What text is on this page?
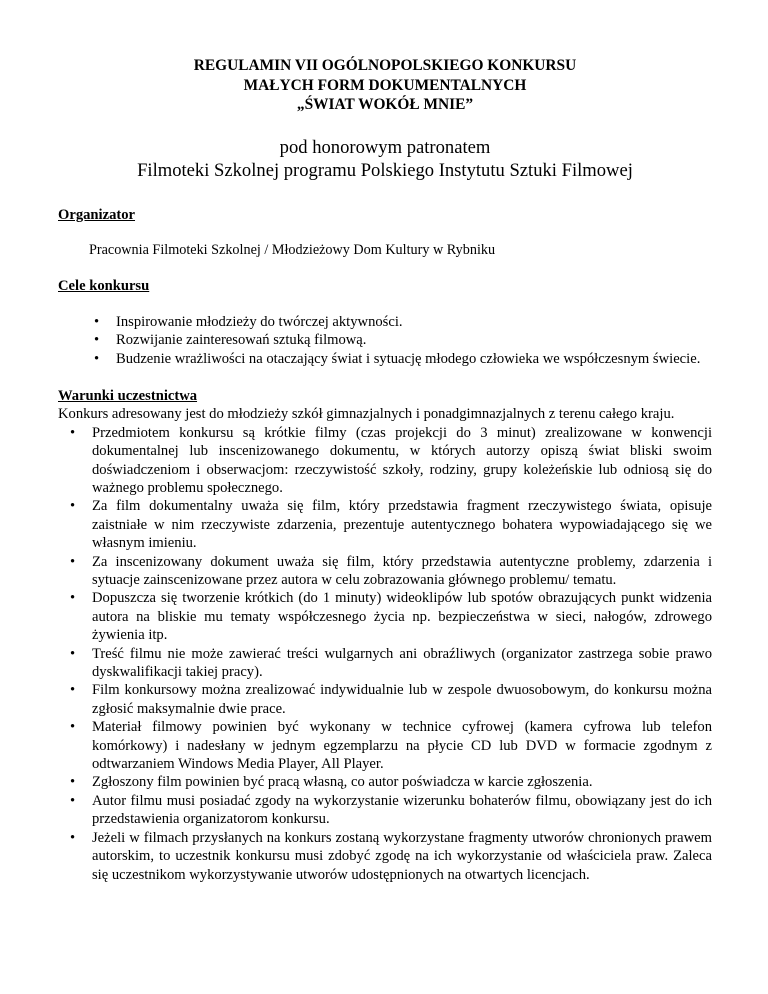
REGULAMIN VII OGÓLNOPOLSKIEGO KONKURSU
MAŁYCH FORM DOKUMENTALNYCH
„ŚWIAT WOKÓŁ MNIE”
pod honorowym patronatem
Filmoteki Szkolnej programu Polskiego Instytutu Sztuki Filmowej
Organizator
Pracownia Filmoteki Szkolnej / Młodzieżowy Dom Kultury w Rybniku
Cele konkursu
• Inspirowanie młodzieży do twórczej aktywności.
• Rozwijanie zainteresowań sztuką filmową.
• Budzenie wrażliwości na otaczający świat i sytuację młodego człowieka we współczesnym świecie.
Warunki uczestnictwa
Konkurs adresowany jest do młodzieży szkół gimnazjalnych i ponadgimnazjalnych z terenu całego kraju.
• Przedmiotem konkursu są krótkie filmy (czas projekcji do 3 minut) zrealizowane w konwencji dokumentalnej lub inscenizowanego dokumentu, w których autorzy opiszą świat bliski swoim doświadczeniom i obserwacjom: rzeczywistość szkoły, rodziny, grupy koleżeńskie lub odniosą się do ważnego problemu społecznego.
• Za film dokumentalny uważa się film, który przedstawia fragment rzeczywistego świata, opisuje zaistniałe w nim rzeczywiste zdarzenia, prezentuje autentycznego bohatera wypowiadającego się we własnym imieniu.
• Za inscenizowany dokument uważa się film, który przedstawia autentyczne problemy, zdarzenia i sytuacje zainscenizowane przez autora w celu zobrazowania głównego problemu/ tematu.
• Dopuszcza się tworzenie krótkich (do 1 minuty) wideoklipów lub spotów obrazujących punkt widzenia autora na bliskie mu tematy współczesnego życia np. bezpieczeństwa w sieci, nałogów, zdrowego żywienia itp.
• Treść filmu nie może zawierać treści wulgarnych ani obraźliwych (organizator zastrzega sobie prawo dyskwalifikacji takiej pracy).
• Film konkursowy można zrealizować indywidualnie lub w zespole dwuosobowym, do konkursu można zgłosić maksymalnie dwie prace.
• Materiał filmowy powinien być wykonany w technice cyfrowej (kamera cyfrowa lub telefon komórkowy) i nadesłany w jednym egzemplarzu na płycie CD lub DVD w formacie zgodnym z odtwarzaniem Windows Media Player, All Player.
• Zgłoszony film powinien być pracą własną, co autor poświadcza w karcie zgłoszenia.
• Autor filmu musi posiadać zgody na wykorzystanie wizerunku bohaterów filmu, obowiązany jest do ich przedstawienia organizatorom konkursu.
• Jeżeli w filmach przysłanych na konkurs zostaną wykorzystane fragmenty utworów chronionych prawem autorskim, to uczestnik konkursu musi zdobyć zgodę na ich wykorzystanie od właściciela praw. Zaleca się uczestnikom wykorzystywanie utworów udostępnionych na otwartych licencjach.
